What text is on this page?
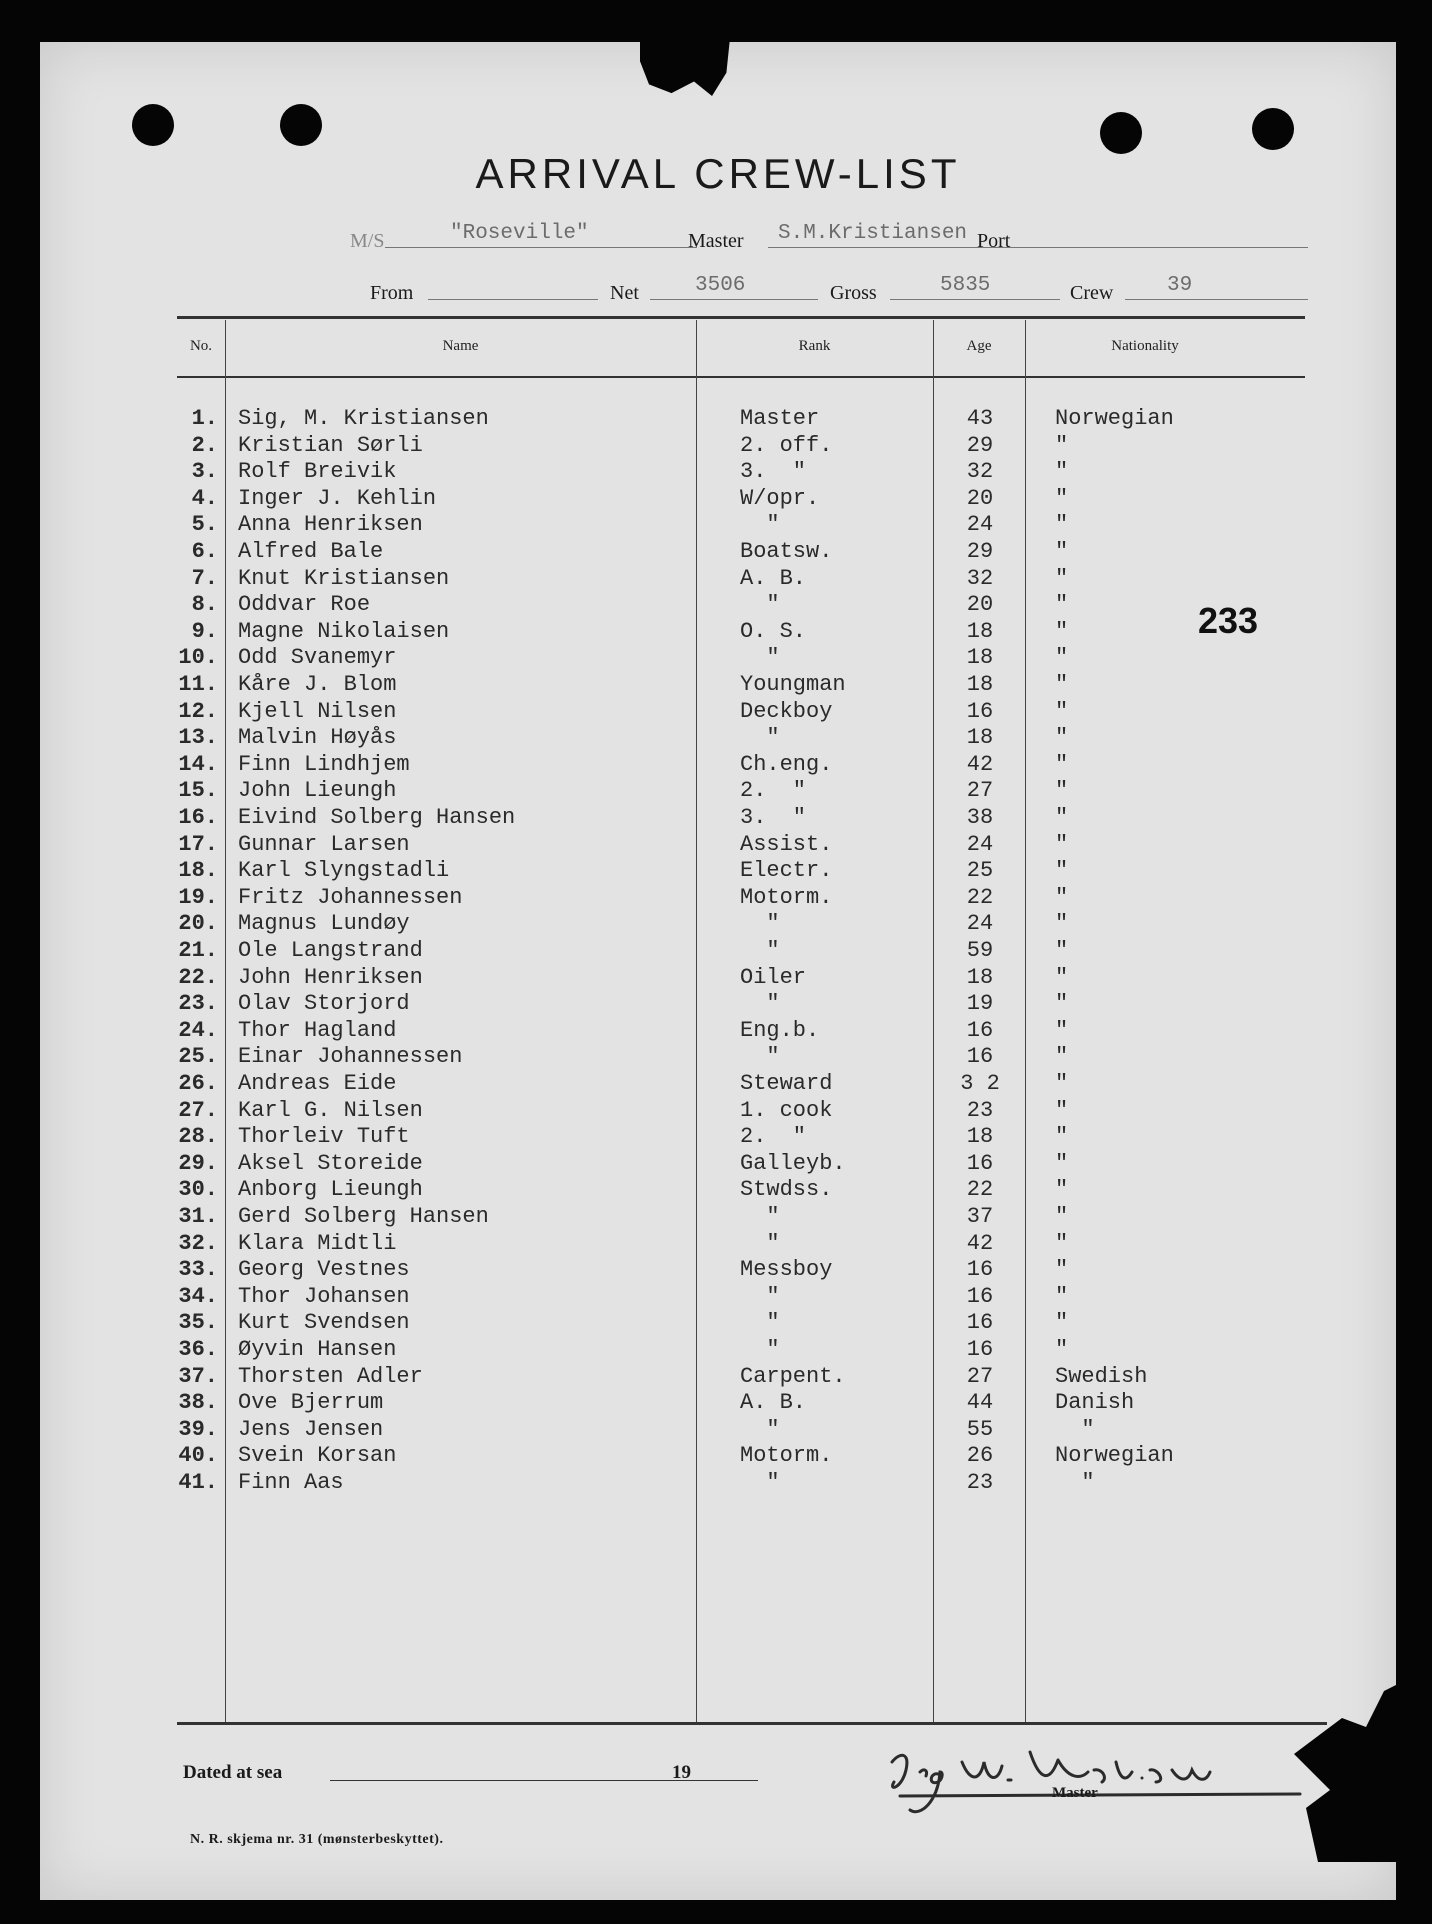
ARRIVAL CREW-LIST
M/S	"Roseville"	Master S.M.Kristiansen Port
From	Net	3506	Gross	5835	Crew	39
No.	Name	Rank	Age	Nationality
1. Sig, M. Kristiansen	Master	43	Norwegian
2. Kristian Sørli	2. off.	29	"
3. Rolf Breivik	3.  "	32	"
4. Inger J. Kehlin	W/opr.	20	"
5. Anna Henriksen	"	24	"
6. Alfred Bale	Boatsw.	29	"
7. Knut Kristiansen	A. B.	32	"
8. Oddvar Roe	"	20	"
9. Magne Nikolaisen	O. S.	18	"
10. Odd Svanemyr	"	18	"
11. Kåre J. Blom	Youngman	18	"
12. Kjell Nilsen	Deckboy	16	"
13. Malvin Høyås	"	18	"
14. Finn Lindhjem	Ch.eng.	42	"
15. John Lieungh	2.  "	27	"
16. Eivind Solberg Hansen	3.  "	38	"
17. Gunnar Larsen	Assist.	24	"
18. Karl Slyngstadli	Electr.	25	"
19. Fritz Johannessen	Motorm.	22	"
20. Magnus Lundøy	"	24	"
21. Ole Langstrand	"	59	"
22. John Henriksen	Oiler	18	"
23. Olav Storjord	"	19	"
24. Thor Hagland	Eng.b.	16	"
25. Einar Johannessen	"	16	"
26. Andreas Eide	Steward	3 2	"
27. Karl G. Nilsen	1. cook	23	"
28. Thorleiv Tuft	2.  "	18	"
29. Aksel Storeide	Galleyb.	16	"
30. Anborg Lieungh	Stwdss.	22	"
31. Gerd Solberg Hansen	"	37	"
32. Klara Midtli	"	42	"
33. Georg Vestnes	Messboy	16	"
34. Thor Johansen	"	16	"
35. Kurt Svendsen	"	16	"
36. Øyvin Hansen	"	16	"
37. Thorsten Adler	Carpent.	27	Swedish
38. Ove Bjerrum	A. B.	44	Danish
39. Jens Jensen	"	55	"
40. Svein Korsan	Motorm.	26	Norwegian
41. Finn Aas	"	23	"
233
Dated at sea	19
Master
N. R. skjema nr. 31 (mønsterbeskyttet).
